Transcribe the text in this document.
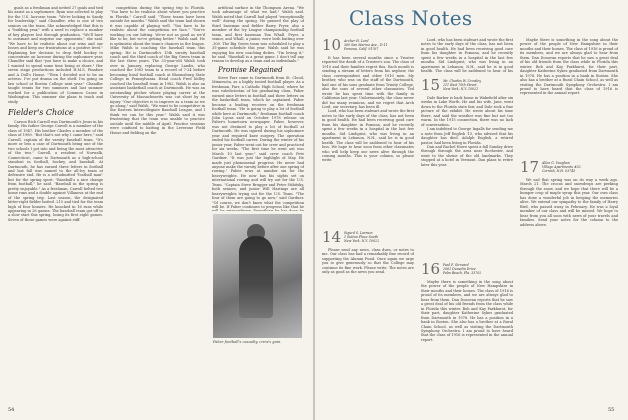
goals as a freshman and netted 27 goals and tied his assist as a sophomore. Ryan was selected to play for the U.S. lacrosse team. "We're looking to Sandy for leadership," said Chandler, who is one of two seniors on the team. She acknowledged that this is a "building year," with a need to replace a number of key players lost through graduation. "We'll have to outsmart and surprise our opponents," she said. "We have to be realistic about our wins and our losses and keep our frustrations at a positive level." Explaining her decision to drop field hockey to concentrate on lacrosse during the sophomore year, Chandler said that "you have to make a choice, and I wanted to spend some time being at shore." Her seven stage productions included H.M.S. Pinafore and A Doll's House. "Then I decided not to be an actress. I've put drama on the shelf. I'm going on law school at Boston College next year." Chandler taught tennis for two summers and last summer worked for a publication of Common Cause in Washington. This summer she plans to teach and study.

Fielder's Choice

Carson Rich Carroll was Dartmouth's Jesus in his family. His father George Carroll is a member of the class of 1947. His brother Charles a member of the class of 1980. "But that's not why I came here," said Carroll, captain of the varsity baseball team. "It's more or less a case of Dartmouth being one of the two schools I got into and being the most attractive of the two." Carroll, a resident of Norwalk, Connecticut, came to Dartmouth as a high-school standout in football, hockey, and baseball. At Dartmouth, he has earned three letters in football and last fall was named to the all-Ivy team at defensive end. He is a self-admitted "football man" but for the spring sport. "Baseball's a nice change from football," he said. "Baseball in the spring is pretty enjoyable." As a freshman, Carroll belted two home runs and a double against Villanova at the end of the spring trip. Last season, the designated hitter-right fielder batted .215 and tied for the team high of four homers. He knocked in 16 runs while appearing in 28 games. The baseball team got off to a slow start this spring, losing its first eight games. Seven of those games were against stiff

competition during the spring trip to Florida. "You have to be realistic about where you practice in Florida," Carroll said. "Those teams have been outside for months." Walsh said the team had shown it was capable of playing well. "You have to be realistic about the competition we face." "You're working on our hitting. We're not as good as we'd like to be, but we're getting better." Walsh said. He is optimistic about the team's chances in the league. Mike Walsh is coaching the baseball team this spring. He is Dartmouth's 15th varsity baseball coach and the third coach of the Big Green team in the last three years. The 33-year-old Walsh took over in January, replacing George Landis, who coached the 1983 team to a record of 7-24 before becoming head football coach at Bloomsburg State College in Pennsylvania. Head coach Fred Kelley coached the baseball team in 1982. Walsh is also an assistant basketball coach at Dartmouth. He was an outstanding pitcher whose playing career at the University of Massachusetts was cut short by an injury. "Our objective is to improve as a team as we go along," said Walsh. "We want to be competitive in the Eastern Intercollegiate Baseball League, and I think we can be this year." Walsh said it was frustrating that the team was unable to practice outside until the middle of April. Practice sessions were confined to batting in the Leverone Field House and fielding on the

artificial surface in the Thompson Arena. "We took advantage of what we had," Walsh said. Walsh noted that Carroll had played "exceptionally well" during the spring. He praised the play of third baseman and fielder Barry Fryer, also a member of the Ivy League championship football team, and first baseman Tim Whall. Fryer, a senior, and Whall, a junior, were both batting over .300. The Big Green team was scheduled to play a 35-game schedule this year. Walsh said he was enjoying his new coaching duties. "I'm loving it," he said. "Baseball is a great game. I don't tell any reason to develop as a team and as individuals."

Promise Regained

Steve Farr came to Dartmouth from St. Cloud, Minnesota, as a highly touted football player. As a freshman, Farr, a Catholic High School, where he was valedictorian of his graduating class, Faber earned nine letters in football and three letters on the basketball team, which he captained. Faber became a leading receiver on the freshman football team. "He is going to play a lot of football while here at Dartmouth," freshman football coach John Lyons said on October 1978 release on Faber's hometown newspaper. Faber, however, was not destined to play a lot of football at Dartmouth. He was injured during his sophomore year and required knee surgery. The operation ended his football career. During the winter of his junior year, Faber went out for crew and practiced for six weeks. "The first time he went out was March 10 last year," said crew coach Pete Gardner. "It was just the highlight of May. He made just phenomenal progress. He never had anyone make the varsity before after one spring of rowing." Faber rows at number six for the heavyweights. He now has his sights set on international rowing and will try out for the U.S. Team. "Captain Steve Brugger and Peter Stibitsky, both seniors, and junior Will Hastings are all heavyweights trying out for the U.S. Team. "The four of them are going to go now," said Gardner. "Of course, we don't know what the competition will be. If Faber continues to progress like that he

Faber football's casualty, crew's gain.
54
Class Notes
10 Archer H. Lord
360 San Marino Ave., D-11
Pomona, Calif. 91767

It has been several months since a Trustee reported the death of a Trustee's son. The class of 1910 and their families regret this. Each month is sending a stream of letters from his nephew, the class correspondent and other 1910 men. My brother, who was on the staff of the Dartmouth, had one of his sons graduate from Trinity College, also the sons of several other classmates. Ted wrote he has spent time with the family in California last year. Unfortunately, the class never did too many reunions, and we regret that Arch Lord, our secretary, has been ill.

Lord, who has been stalwart and wrote the first notes to the early days of the class, has not been in good health. He had been receiving good care from his daughter in Pomona, and he recently spent a few weeks in a hospital in the last few months. Sid Lindquist, who was living in an apartment in Lebanon, N.H., said he is in good health. The class will be saddened to hear of his loss. We hope to hear soon from other classmates who will help keep our news alive through the coming months. This is your column, so please write.

14 Sigurd S. Larmon
1 Sutton Place South
New York, N.Y. 10022

Please send any news, class dues, or notes to me. Our class has had a remarkably fine record of supporting the Alumni Fund. Once again we urge you to give generously so that the College may continue its fine work. Please write. The notes are only as good as the news you send.

Lord, who has been stalwart and wrote the first notes to the early days of the class, has not been in good health. He had been receiving good care from his daughter in Pomona, and he recently spent a few weeks in a hospital in the last few months. Sid Lindquist, who was living in an apartment in Lebanon, N.H., said he is in good health. The class will be saddened to hear of his

15 Mr. Charles W. Crowley
211 East 70th Street
New York, N.Y. 10021

Dale Barker is back home in Wakefield after six weeks in Lake Worth. He and his wife, Jane, went down to the Florida state fair, and Dale took a fine picture of the exhibit. He wrote about his time there, and said the weather was fine but not too warm. In the 1915 connection, there was no lack of conversation.

I am indebted to George Ingalls for sending me a note from Jeff English '15, who advised that his daughter has died. Adolph English, a retired pastor, had been living in Florida.

Dan and Rachel Howe spent a fall Sunday drive through through the area near Rochester, and went to the shrine of the old landmarks. They stopped at a hotel in Vermont. Dan plans to retire later this year.

16 Paul F. Girsvard
2061 Dunedin Drive
Palm Beach, Fla. 33702

Maybe there is something in the song about the power of the people of New Hampshire in their mouths and their homes. The class of 1916 is proud of its members, and we are always glad to hear from them. Dan Donovan reports that he saw a great deal of his old friends from the class while in Florida this winter. Bob and Kay Parkhurst, for their part, daughter Katherine Sykes graduated from Dartmouth in 1978. He has a position in a bank in Boston. She also has a brother at a Rural Chain School, as well as visiting the Dartmouth Symphony Orchestra. I am proud to have heard that the class of 1916 is represented in the annual report.

Maybe there is something in the song about the power of the people of New Hampshire in their mouths and their homes. The class of 1916 is proud of its members, and we are always glad to hear from them. Dan Donovan reports that he saw a great deal of his old friends from the class while in Florida this winter. Bob and Kay Parkhurst, for their part, daughter Katherine Sykes graduated from Dartmouth in 1978. He has a position in a bank in Boston. She also has a brother at a Rural Chain School, as well as visiting the Dartmouth Symphony Orchestra. I am proud to have heard that the class of 1916 is represented in the annual report.

17 Allen G. Vaughan
Village Apartments #52
Cornish, N.H. 03745

We sad that spring was on its way a week ago. March 21. The crocus and snowdrops are peeking through the snow, and we hope that there will be a bumper crop of maple syrup this year. Our own class has done a wonderful job in keeping the memories alive. We extend our sympathy to the family of Harry Bird, who passed away in February. He was a loyal member of our class and will be missed. We hope to hear from you all soon with news of your travels and families. Send your notes for the column to the address above.

55
